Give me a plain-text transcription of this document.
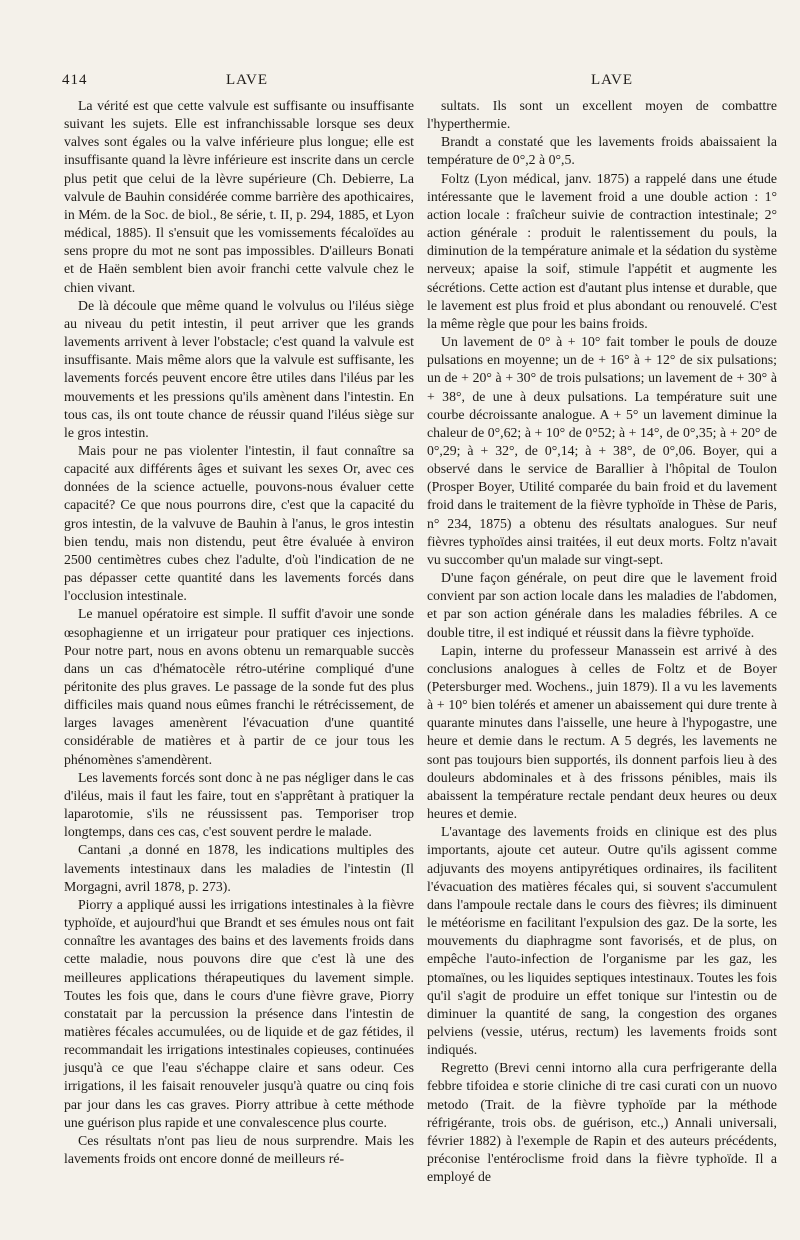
414	LAVE	LAVE

La vérité est que cette valvule est suffisante ou insuffisante suivant les sujets. Elle est infranchissable lorsque ses deux valves sont égales ou la valve inférieure plus longue; elle est insuffisante quand la lèvre inférieure est inscrite dans un cercle plus petit que celui de la lèvre supérieure (Ch. Debierre, La valvule de Bauhin considérée comme barrière des apothicaires, in Mém. de la Soc. de biol., 8e série, t. II, p. 294, 1885, et Lyon médical, 1885). Il s'ensuit que les vomissements fécaloïdes au sens propre du mot ne sont pas impossibles. D'ailleurs Bonati et de Haën semblent bien avoir franchi cette valvule chez le chien vivant.

De là découle que même quand le volvulus ou l'iléus siège au niveau du petit intestin, il peut arriver que les grands lavements arrivent à lever l'obstacle; c'est quand la valvule est insuffisante. Mais même alors que la valvule est suffisante, les lavements forcés peuvent encore être utiles dans l'iléus par les mouvements et les pressions qu'ils amènent dans l'intestin. En tous cas, ils ont toute chance de réussir quand l'iléus siège sur le gros intestin.

Mais pour ne pas violenter l'intestin, il faut connaître sa capacité aux différents âges et suivant les sexes Or, avec ces données de la science actuelle, pouvons-nous évaluer cette capacité? Ce que nous pourrons dire, c'est que la capacité du gros intestin, de la valvuve de Bauhin à l'anus, le gros intestin bien tendu, mais non distendu, peut être évaluée à environ 2500 centimètres cubes chez l'adulte, d'où l'indication de ne pas dépasser cette quantité dans les lavements forcés dans l'occlusion intestinale.

Le manuel opératoire est simple. Il suffit d'avoir une sonde œsophagienne et un irrigateur pour pratiquer ces injections. Pour notre part, nous en avons obtenu un remarquable succès dans un cas d'hématocèle rétro-utérine compliqué d'une péritonite des plus graves. Le passage de la sonde fut des plus difficiles mais quand nous eûmes franchi le rétrécissement, de larges lavages amenèrent l'évacuation d'une quantité considérable de matières et à partir de ce jour tous les phénomènes s'amendèrent.

Les lavements forcés sont donc à ne pas négliger dans le cas d'iléus, mais il faut les faire, tout en s'apprêtant à pratiquer la laparotomie, s'ils ne réussissent pas. Temporiser trop longtemps, dans ces cas, c'est souvent perdre le malade.

Cantani ,a donné en 1878, les indications multiples des lavements intestinaux dans les maladies de l'intestin (Il Morgagni, avril 1878, p. 273).

Piorry a appliqué aussi les irrigations intestinales à la fièvre typhoïde, et aujourd'hui que Brandt et ses émules nous ont fait connaître les avantages des bains et des lavements froids dans cette maladie, nous pouvons dire que c'est là une des meilleures applications thérapeutiques du lavement simple. Toutes les fois que, dans le cours d'une fièvre grave, Piorry constatait par la percussion la présence dans l'intestin de matières fécales accumulées, ou de liquide et de gaz fétides, il recommandait les irrigations intestinales copieuses, continuées jusqu'à ce que l'eau s'échappe claire et sans odeur. Ces irrigations, il les faisait renouveler jusqu'à quatre ou cinq fois par jour dans les cas graves. Piorry attribue à cette méthode une guérison plus rapide et une convalescence plus courte.

Ces résultats n'ont pas lieu de nous surprendre. Mais les lavements froids ont encore donné de meilleurs ré-

sultats. Ils sont un excellent moyen de combattre l'hyperthermie.

Brandt a constaté que les lavements froids abaissaient la température de 0°,2 à 0°,5.

Foltz (Lyon médical, janv. 1875) a rappelé dans une étude intéressante que le lavement froid a une double action : 1° action locale : fraîcheur suivie de contraction intestinale; 2° action générale : produit le ralentissement du pouls, la diminution de la température animale et la sédation du système nerveux; apaise la soif, stimule l'appétit et augmente les sécrétions. Cette action est d'autant plus intense et durable, que le lavement est plus froid et plus abondant ou renouvelé. C'est la même règle que pour les bains froids.

Un lavement de 0° à + 10° fait tomber le pouls de douze pulsations en moyenne; un de + 16° à + 12° de six pulsations; un de + 20° à + 30° de trois pulsations; un lavement de + 30° à + 38°, de une à deux pulsations. La température suit une courbe décroissante analogue. A + 5° un lavement diminue la chaleur de 0°,62; à + 10° de 0°52; à + 14°, de 0°,35; à + 20° de 0°,29; à + 32°, de 0°,14; à + 38°, de 0°,06. Boyer, qui a observé dans le service de Barallier à l'hôpital de Toulon (Prosper Boyer, Utilité comparée du bain froid et du lavement froid dans le traitement de la fièvre typhoïde in Thèse de Paris, n° 234, 1875) a obtenu des résultats analogues. Sur neuf fièvres typhoïdes ainsi traitées, il eut deux morts. Foltz n'avait vu succomber qu'un malade sur vingt-sept.

D'une façon générale, on peut dire que le lavement froid convient par son action locale dans les maladies de l'abdomen, et par son action générale dans les maladies fébriles. A ce double titre, il est indiqué et réussit dans la fièvre typhoïde.

Lapin, interne du professeur Manassein est arrivé à des conclusions analogues à celles de Foltz et de Boyer (Petersburger med. Wochens., juin 1879). Il a vu les lavements à + 10° bien tolérés et amener un abaissement qui dure trente à quarante minutes dans l'aisselle, une heure à l'hypogastre, une heure et demie dans le rectum. A 5 degrés, les lavements ne sont pas toujours bien supportés, ils donnent parfois lieu à des douleurs abdominales et à des frissons pénibles, mais ils abaissent la température rectale pendant deux heures ou deux heures et demie.

L'avantage des lavements froids en clinique est des plus importants, ajoute cet auteur. Outre qu'ils agissent comme adjuvants des moyens antipyrétiques ordinaires, ils facilitent l'évacuation des matières fécales qui, si souvent s'accumulent dans l'ampoule rectale dans le cours des fièvres; ils diminuent le météorisme en facilitant l'expulsion des gaz. De la sorte, les mouvements du diaphragme sont favorisés, et de plus, on empêche l'auto-infection de l'organisme par les gaz, les ptomaïnes, ou les liquides septiques intestinaux. Toutes les fois qu'il s'agit de produire un effet tonique sur l'intestin ou de diminuer la quantité de sang, la congestion des organes pelviens (vessie, utérus, rectum) les lavements froids sont indiqués.

Regretto (Brevi cenni intorno alla cura perfrigerante della febbre tifoidea e storie cliniche di tre casi curati con un nuovo metodo (Trait. de la fièvre typhoïde par la méthode réfrigérante, trois obs. de guérison, etc.,) Annali universali, février 1882) à l'exemple de Rapin et des auteurs précédents, préconise l'entéroclisme froid dans la fièvre typhoïde. Il a employé de
